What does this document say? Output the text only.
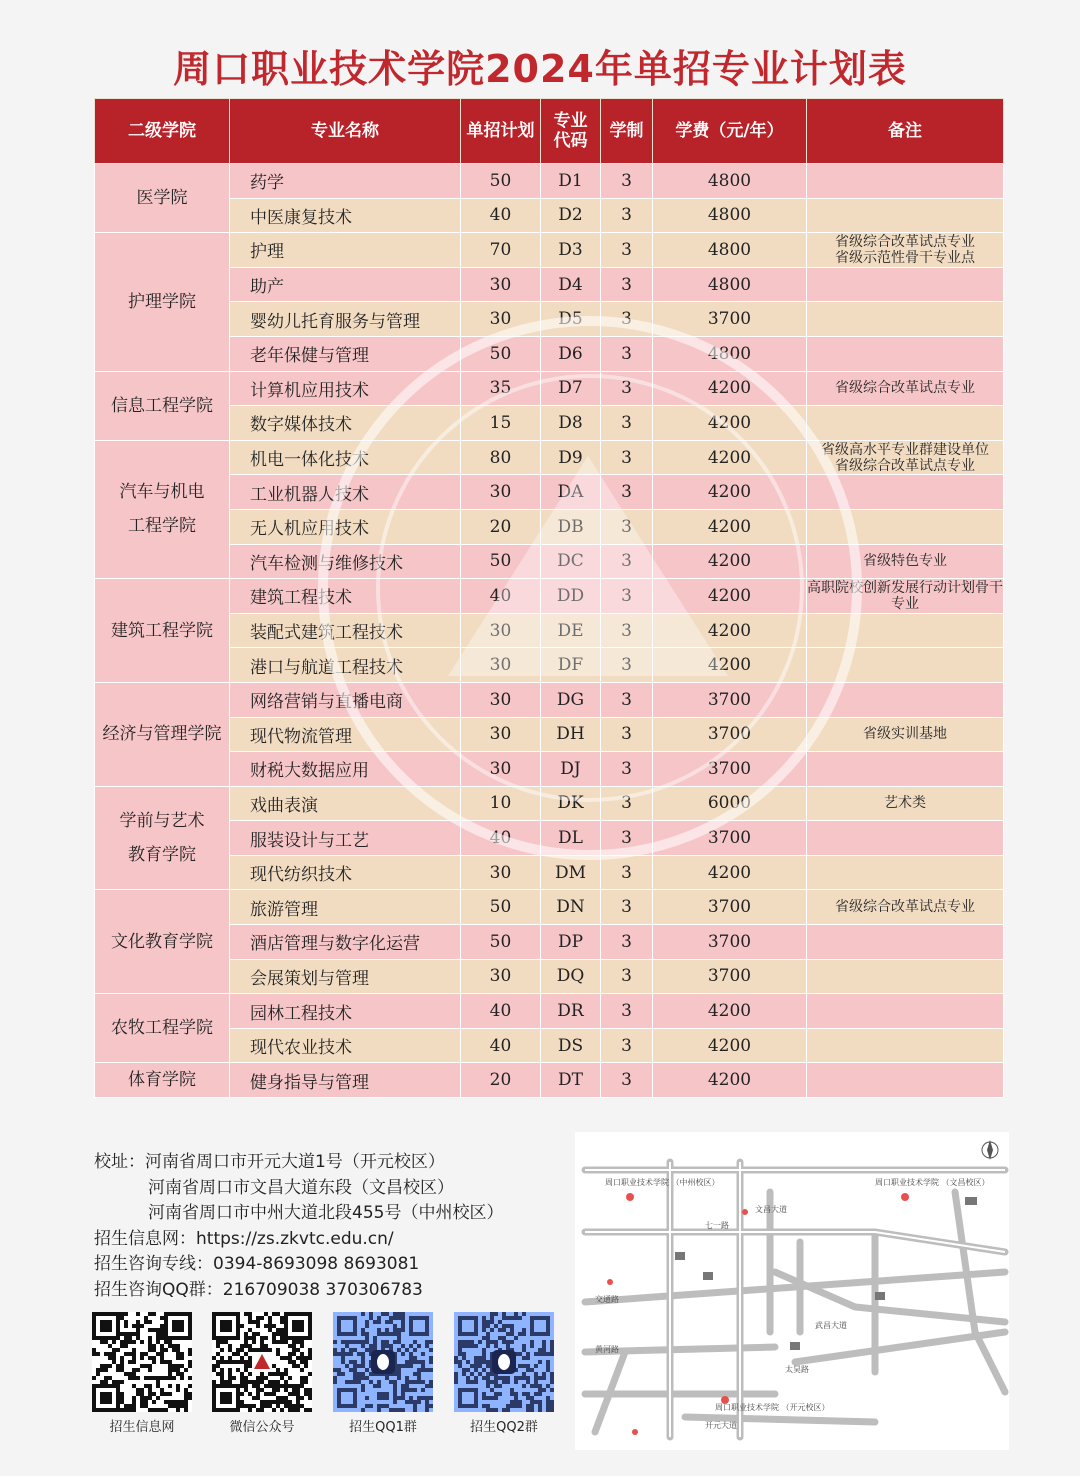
周口职业技术学院2024年单招专业计划表
二级学院	专业名称	单招计划	专业代码	学制	学费（元/年）	备注
医学院	药学	50	D1	3	4800	
	中医康复技术	40	D2	3	4800	
护理学院	护理	70	D3	3	4800	省级综合改革试点专业
省级示范性骨干专业点
	助产	30	D4	3	4800	
	婴幼儿托育服务与管理	30	D5	3	3700	
	老年保健与管理	50	D6	3	4800	
信息工程学院	计算机应用技术	35	D7	3	4200	省级综合改革试点专业
	数字媒体技术	15	D8	3	4200	
汽车与机电
工程学院	机电一体化技术	80	D9	3	4200	省级高水平专业群建设单位
省级综合改革试点专业
	工业机器人技术	30	DA	3	4200	
	无人机应用技术	20	DB	3	4200	
	汽车检测与维修技术	50	DC	3	4200	省级特色专业
建筑工程学院	建筑工程技术	40	DD	3	4200	高职院校创新发展行动计划骨干专业
	装配式建筑工程技术	30	DE	3	4200	
	港口与航道工程技术	30	DF	3	4200	
经济与管理学院	网络营销与直播电商	30	DG	3	3700	
	现代物流管理	30	DH	3	3700	省级实训基地
	财税大数据应用	30	DJ	3	3700	
学前与艺术
教育学院	戏曲表演	10	DK	3	6000	艺术类
	服装设计与工艺	40	DL	3	3700	
	现代纺织技术	30	DM	3	4200	
文化教育学院	旅游管理	50	DN	3	3700	省级综合改革试点专业
	酒店管理与数字化运营	50	DP	3	3700	
	会展策划与管理	30	DQ	3	3700	
农牧工程学院	园林工程技术	40	DR	3	4200	
	现代农业技术	40	DS	3	4200	
体育学院	健身指导与管理	20	DT	3	4200	
校址：河南省周口市开元大道1号（开元校区）
河南省周口市文昌大道东段（文昌校区）
河南省周口市中州大道北段455号（中州校区）
招生信息网：https://zs.zkvtc.edu.cn/
招生咨询专线：0394-8693098 8693081
招生咨询QQ群：216709038 370306783
招生信息网	微信公众号	招生QQ1群	招生QQ2群
周口职业技术学院 （中州校区）	周口职业技术学院 （文昌校区）
周口职业技术学院 （开元校区）
文昌大道
七一路
交通路
黄河路
太昊路
武昌大道
开元大道
